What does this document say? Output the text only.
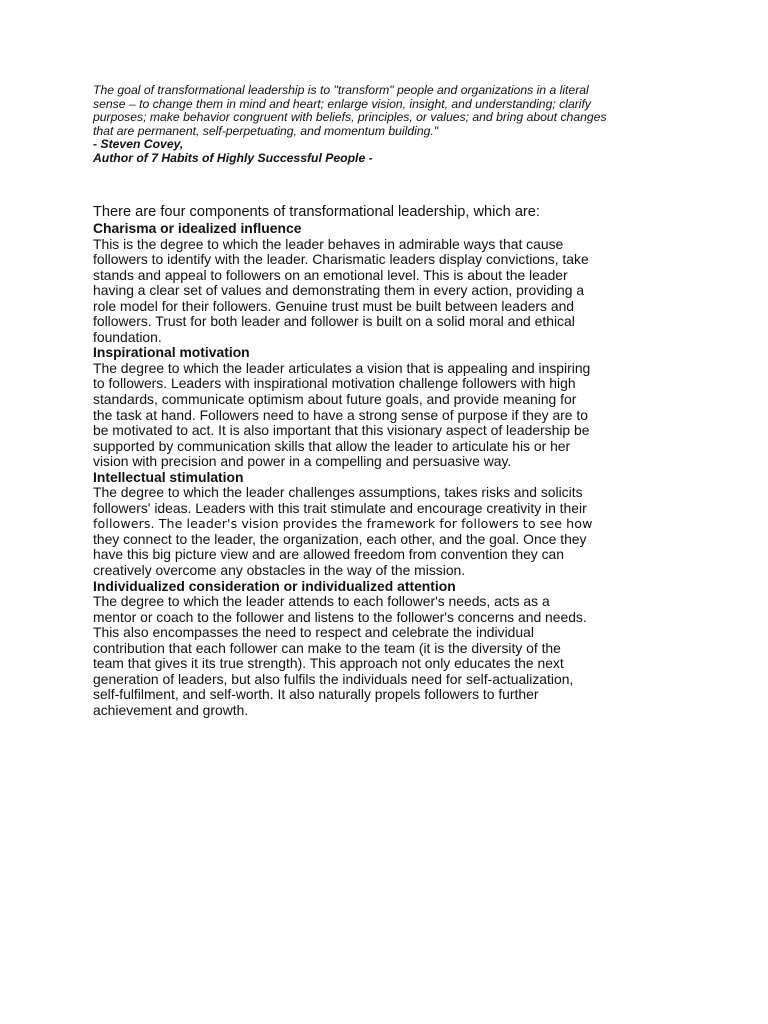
The goal of transformational leadership is to "transform" people and organizations in a literal
sense – to change them in mind and heart; enlarge vision, insight, and understanding; clarify
purposes; make behavior congruent with beliefs, principles, or values; and bring about changes
that are permanent, self-perpetuating, and momentum building."

- Steven Covey,

Author of 7 Habits of Highly Successful People -

There are four components of transformational leadership, which are:

Charisma or idealized influence

This is the degree to which the leader behaves in admirable ways that cause
followers to identify with the leader. Charismatic leaders display convictions, take
stands and appeal to followers on an emotional level. This is about the leader
having a clear set of values and demonstrating them in every action, providing a
role model for their followers. Genuine trust must be built between leaders and
followers. Trust for both leader and follower is built on a solid moral and ethical
foundation.

Inspirational motivation

The degree to which the leader articulates a vision that is appealing and inspiring
to followers. Leaders with inspirational motivation challenge followers with high
standards, communicate optimism about future goals, and provide meaning for
the task at hand. Followers need to have a strong sense of purpose if they are to
be motivated to act. It is also important that this visionary aspect of leadership be
supported by communication skills that allow the leader to articulate his or her
vision with precision and power in a compelling and persuasive way.

Intellectual stimulation

The degree to which the leader challenges assumptions, takes risks and solicits
followers' ideas. Leaders with this trait stimulate and encourage creativity in their
followers. The leader's vision provides the framework for followers to see how
they connect to the leader, the organization, each other, and the goal. Once they
have this big picture view and are allowed freedom from convention they can
creatively overcome any obstacles in the way of the mission.

Individualized consideration or individualized attention

The degree to which the leader attends to each follower's needs, acts as a
mentor or coach to the follower and listens to the follower's concerns and needs.
This also encompasses the need to respect and celebrate the individual
contribution that each follower can make to the team (it is the diversity of the
team that gives it its true strength). This approach not only educates the next
generation of leaders, but also fulfils the individuals need for self-actualization,
self-fulfilment, and self-worth. It also naturally propels followers to further
achievement and growth.
